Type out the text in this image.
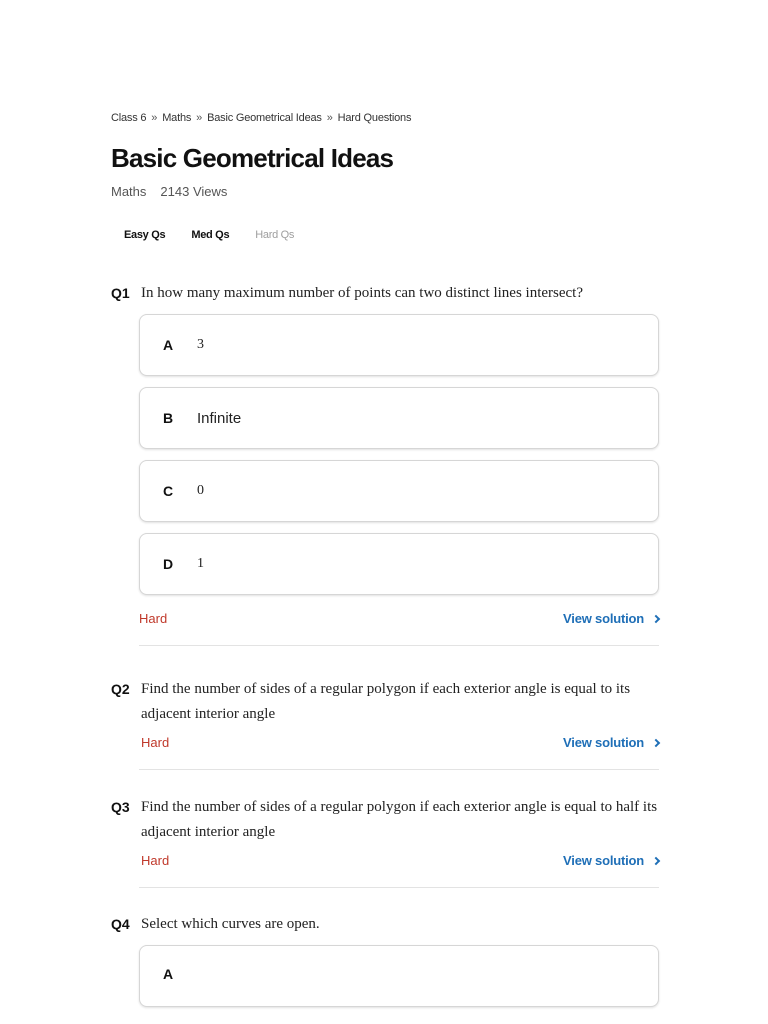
Class 6 » Maths » Basic Geometrical Ideas » Hard Questions
Basic Geometrical Ideas
Maths 2143 Views
Easy Qs	Med Qs	Hard Qs
Q1 In how many maximum number of points can two distinct lines intersect?
A	3
B	Infinite
C	0
D	1
Hard	View solution
Q2 Find the number of sides of a regular polygon if each exterior angle is equal to its adjacent interior angle
Hard	View solution
Q3 Find the number of sides of a regular polygon if each exterior angle is equal to half its adjacent interior angle
Hard	View solution
Q4 Select which curves are open.
A
